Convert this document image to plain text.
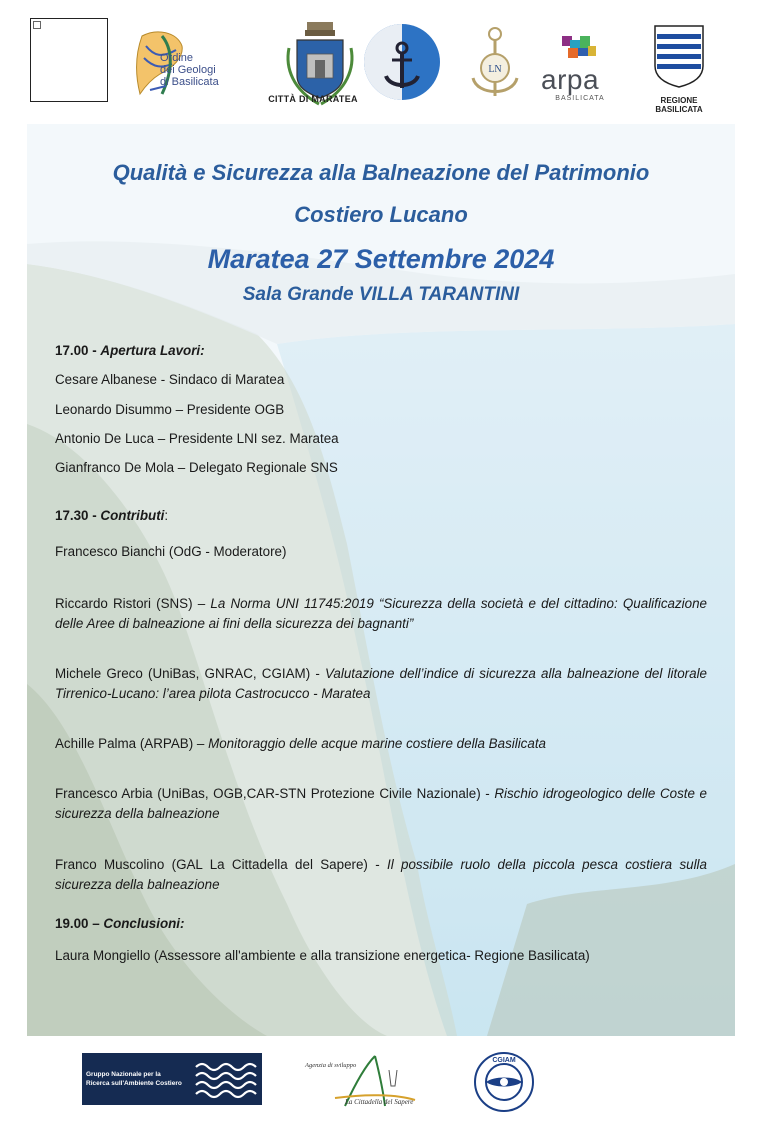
Ordine
dei Geologi
di Basilicata
CITTÀ DI MARATEA
LN arpa
BASILICATA	REGIONE BASILICATA
Qualità e Sicurezza alla Balneazione del Patrimonio
Costiero Lucano
Maratea 27 Settembre 2024
Sala Grande VILLA TARANTINI
17.00 - Apertura Lavori:
Cesare Albanese - Sindaco di Maratea
Leonardo Disummo – Presidente OGB
Antonio De Luca – Presidente LNI sez. Maratea
Gianfranco De Mola – Delegato Regionale SNS
17.30 - Contributi:
Francesco Bianchi (OdG - Moderatore)
Riccardo Ristori (SNS) – La Norma UNI 11745:2019 “Sicurezza della società e del cittadino: Qualificazione delle Aree di balneazione ai fini della sicurezza dei bagnanti”
Michele Greco (UniBas, GNRAC, CGIAM) - Valutazione dell’indice di sicurezza alla balneazione del litorale Tirrenico-Lucano: l’area pilota Castrocucco - Maratea
Achille Palma (ARPAB) – Monitoraggio delle acque marine costiere della Basilicata
Francesco Arbia (UniBas, OGB,CAR-STN Protezione Civile Nazionale) - Rischio idrogeologico delle Coste e sicurezza della balneazione
Franco Muscolino (GAL La Cittadella del Sapere) - Il possibile ruolo della piccola pesca costiera sulla sicurezza della balneazione
19.00 – Conclusioni:
Laura Mongiello (Assessore all'ambiente e alla transizione energetica- Regione Basilicata)
Gruppo Nazionale per la
Ricerca sull'Ambiente Costiero
Agenzia di sviluppo
La Cittadella del Sapere
CGIAM
